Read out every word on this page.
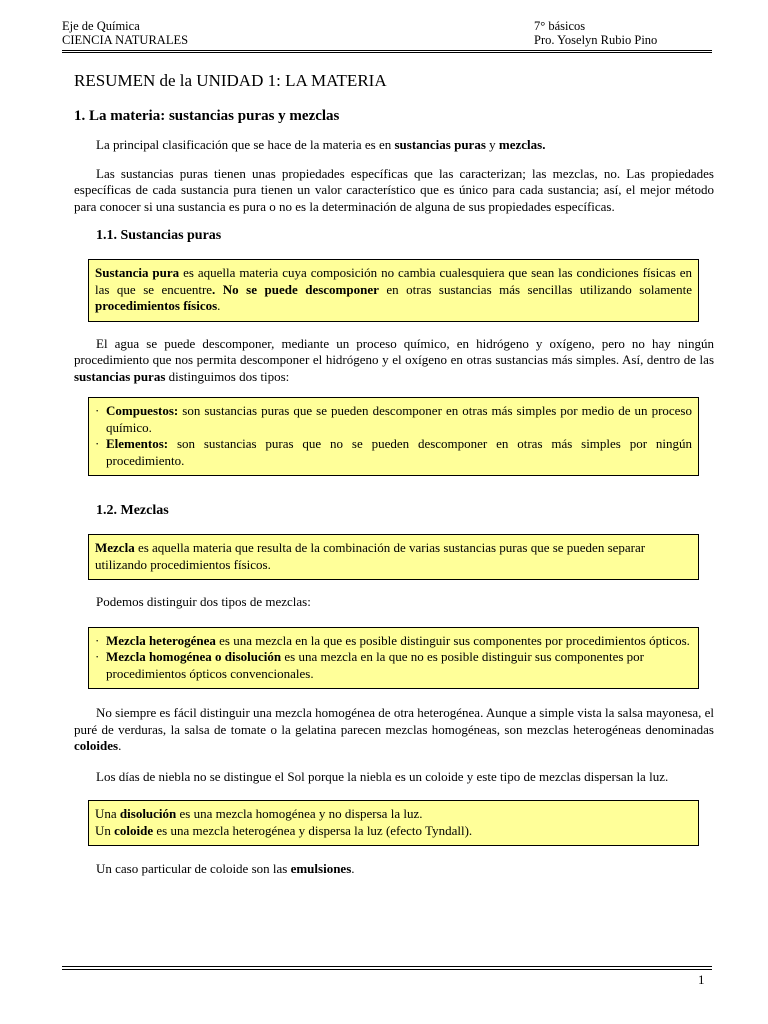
Eje de Química
CIENCIA NATURALES
7° básicos
Pro. Yoselyn Rubio Pino
RESUMEN de la UNIDAD 1: LA MATERIA
1. La materia: sustancias puras y mezclas

La principal clasificación que se hace de la materia es en sustancias puras y mezclas.

Las sustancias puras tienen unas propiedades específicas que las caracterizan; las mezclas, no. Las propiedades específicas de cada sustancia pura tienen un valor característico que es único para cada sustancia; así, el mejor método para conocer si una sustancia es pura o no es la determinación de alguna de sus propiedades específicas.

1.1. Sustancias puras
Sustancia pura es aquella materia cuya composición no cambia cualesquiera que sean las condiciones físicas en las que se encuentre. No se puede descomponer en otras sustancias más sencillas utilizando solamente procedimientos físicos.

El agua se puede descomponer, mediante un proceso químico, en hidrógeno y oxígeno, pero no hay ningún procedimiento que nos permita descomponer el hidrógeno y el oxígeno en otras sustancias más simples. Así, dentro de las sustancias puras distinguimos dos tipos:

· Compuestos: son sustancias puras que se pueden descomponer en otras más simples por medio de un proceso químico.
· Elementos: son sustancias puras que no se pueden descomponer en otras más simples por ningún procedimiento.
1.2. Mezclas
Mezcla es aquella materia que resulta de la combinación de varias sustancias puras que se pueden separar utilizando procedimientos físicos.

Podemos distinguir dos tipos de mezclas:

· Mezcla heterogénea es una mezcla en la que es posible distinguir sus componentes por procedimientos ópticos.
· Mezcla homogénea o disolución es una mezcla en la que no es posible distinguir sus componentes por procedimientos ópticos convencionales.

No siempre es fácil distinguir una mezcla homogénea de otra heterogénea. Aunque a simple vista la salsa mayonesa, el puré de verduras, la salsa de tomate o la gelatina parecen mezclas homogéneas, son mezclas heterogéneas denominadas coloides.

Los días de niebla no se distingue el Sol porque la niebla es un coloide y este tipo de mezclas dispersan la luz.

Una disolución es una mezcla homogénea y no dispersa la luz.
Un coloide es una mezcla heterogénea y dispersa la luz (efecto Tyndall).

Un caso particular de coloide son las emulsiones.

1
